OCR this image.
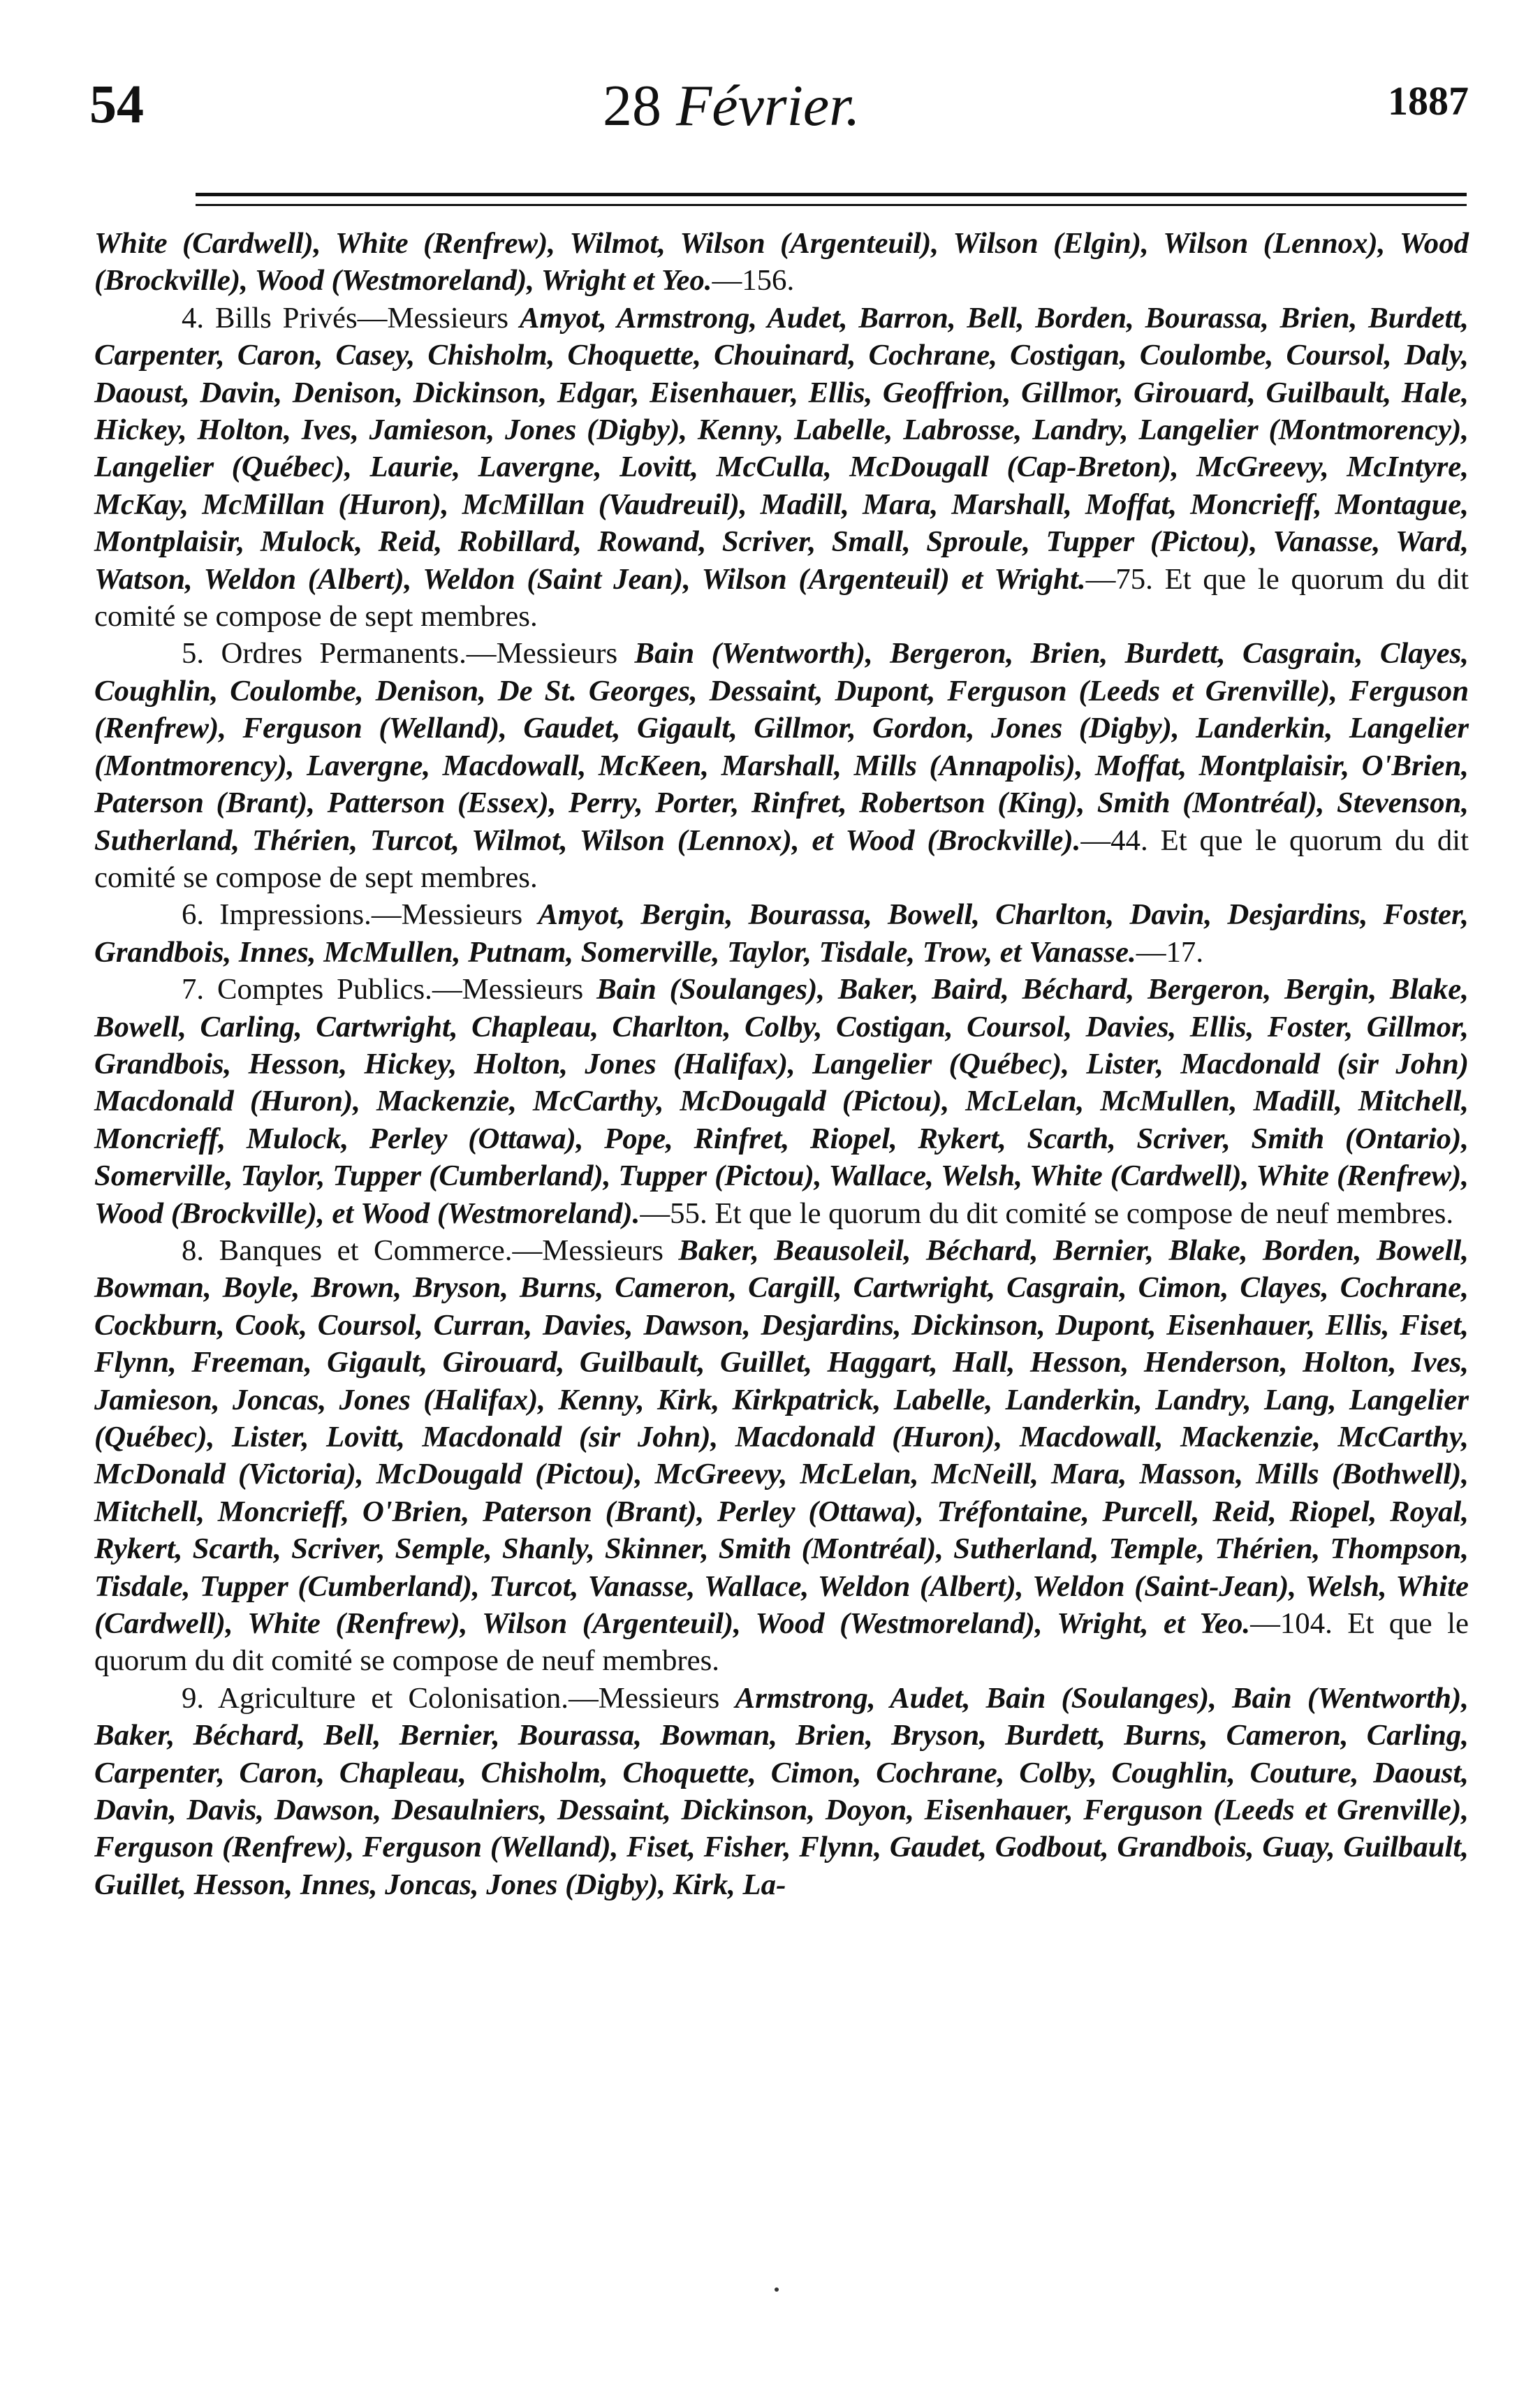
54	28 Février.	1887

White (Cardwell), White (Renfrew), Wilmot, Wilson (Argenteuil), Wilson (Elgin), Wilson (Lennox), Wood (Brockville), Wood (Westmoreland), Wright et Yeo.—156.

4. Bills Privés—Messieurs Amyot, Armstrong, Audet, Barron, Bell, Borden, Bourassa, Brien, Burdett, Carpenter, Caron, Casey, Chisholm, Choquette, Chouinard, Cochrane, Costigan, Coulombe, Coursol, Daly, Daoust, Davin, Denison, Dickinson, Edgar, Eisenhauer, Ellis, Geoffrion, Gillmor, Girouard, Guilbault, Hale, Hickey, Holton, Ives, Jamieson, Jones (Digby), Kenny, Labelle, Labrosse, Landry, Langelier (Montmorency), Langelier (Québec), Laurie, Lavergne, Lovitt, McCulla, McDougall (Cap-Breton), McGreevy, McIntyre, McKay, McMillan (Huron), McMillan (Vaudreuil), Madill, Mara, Marshall, Moffat, Moncrieff, Montague, Montplaisir, Mulock, Reid, Robillard, Rowand, Scriver, Small, Sproule, Tupper (Pictou), Vanasse, Ward, Watson, Weldon (Albert), Weldon (Saint Jean), Wilson (Argenteuil) et Wright.—75. Et que le quorum du dit comité se compose de sept membres.

5. Ordres Permanents.—Messieurs Bain (Wentworth), Bergeron, Brien, Burdett, Casgrain, Clayes, Coughlin, Coulombe, Denison, De St. Georges, Dessaint, Dupont, Ferguson (Leeds et Grenville), Ferguson (Renfrew), Ferguson (Welland), Gaudet, Gigault, Gillmor, Gordon, Jones (Digby), Landerkin, Langelier (Montmorency), Lavergne, Macdowall, McKeen, Marshall, Mills (Annapolis), Moffat, Montplaisir, O'Brien, Paterson (Brant), Patterson (Essex), Perry, Porter, Rinfret, Robertson (King), Smith (Montréal), Stevenson, Sutherland, Thérien, Turcot, Wilmot, Wilson (Lennox), et Wood (Brockville).—44. Et que le quorum du dit comité se compose de sept membres.

6. Impressions.—Messieurs Amyot, Bergin, Bourassa, Bowell, Charlton, Davin, Desjardins, Foster, Grandbois, Innes, McMullen, Putnam, Somerville, Taylor, Tisdale, Trow, et Vanasse.—17.

7. Comptes Publics.—Messieurs Bain (Soulanges), Baker, Baird, Béchard, Bergeron, Bergin, Blake, Bowell, Carling, Cartwright, Chapleau, Charlton, Colby, Costigan, Coursol, Davies, Ellis, Foster, Gillmor, Grandbois, Hesson, Hickey, Holton, Jones (Halifax), Langelier (Québec), Lister, Macdonald (sir John) Macdonald (Huron), Mackenzie, McCarthy, McDougald (Pictou), McLelan, McMullen, Madill, Mitchell, Moncrieff, Mulock, Perley (Ottawa), Pope, Rinfret, Riopel, Rykert, Scarth, Scriver, Smith (Ontario), Somerville, Taylor, Tupper (Cumberland), Tupper (Pictou), Wallace, Welsh, White (Cardwell), White (Renfrew), Wood (Brockville), et Wood (Westmoreland).—55. Et que le quorum du dit comité se compose de neuf membres.

8. Banques et Commerce.—Messieurs Baker, Beausoleil, Béchard, Bernier, Blake, Borden, Bowell, Bowman, Boyle, Brown, Bryson, Burns, Cameron, Cargill, Cartwright, Casgrain, Cimon, Clayes, Cochrane, Cockburn, Cook, Coursol, Curran, Davies, Dawson, Desjardins, Dickinson, Dupont, Eisenhauer, Ellis, Fiset, Flynn, Freeman, Gigault, Girouard, Guilbault, Guillet, Haggart, Hall, Hesson, Henderson, Holton, Ives, Jamieson, Joncas, Jones (Halifax), Kenny, Kirk, Kirkpatrick, Labelle, Landerkin, Landry, Lang, Langelier (Québec), Lister, Lovitt, Macdonald (sir John), Macdonald (Huron), Macdowall, Mackenzie, McCarthy, McDonald (Victoria), McDougald (Pictou), McGreevy, McLelan, McNeill, Mara, Masson, Mills (Bothwell), Mitchell, Moncrieff, O'Brien, Paterson (Brant), Perley (Ottawa), Tréfontaine, Purcell, Reid, Riopel, Royal, Rykert, Scarth, Scriver, Semple, Shanly, Skinner, Smith (Montréal), Sutherland, Temple, Thérien, Thompson, Tisdale, Tupper (Cumberland), Turcot, Vanasse, Wallace, Weldon (Albert), Weldon (Saint-Jean), Welsh, White (Cardwell), White (Renfrew), Wilson (Argenteuil), Wood (Westmoreland), Wright, et Yeo.—104. Et que le quorum du dit comité se compose de neuf membres.

9. Agriculture et Colonisation.—Messieurs Armstrong, Audet, Bain (Soulanges), Bain (Wentworth), Baker, Béchard, Bell, Bernier, Bourassa, Bowman, Brien, Bryson, Burdett, Burns, Cameron, Carling, Carpenter, Caron, Chapleau, Chisholm, Choquette, Cimon, Cochrane, Colby, Coughlin, Couture, Daoust, Davin, Davis, Dawson, Desaulniers, Dessaint, Dickinson, Doyon, Eisenhauer, Ferguson (Leeds et Grenville), Ferguson (Renfrew), Ferguson (Welland), Fiset, Fisher, Flynn, Gaudet, Godbout, Grandbois, Guay, Guilbault, Guillet, Hesson, Innes, Joncas, Jones (Digby), Kirk, La-
